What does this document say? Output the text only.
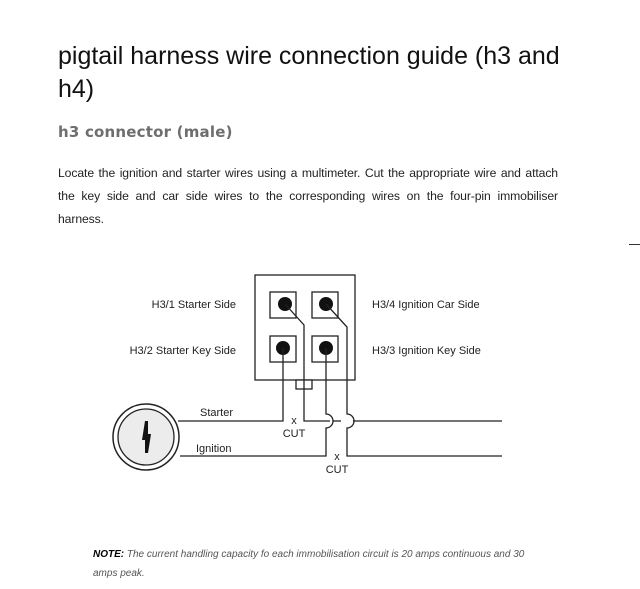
pigtail harness wire connection guide (h3 and h4)
h3 connector (male)

Locate the ignition and starter wires using a multimeter. Cut the appropriate wire and attach the key side and car side wires to the corresponding wires on the four-pin immobiliser harness.

H3/1 Starter Side
H3/2 Starter Key Side
H3/4 Ignition Car Side
H3/3 Ignition Key Side
Starter
Ignition
x
CUT
x
CUT

NOTE: The current handling capacity fo each immobilisation circuit is 20 amps continuous and 30 amps peak.
